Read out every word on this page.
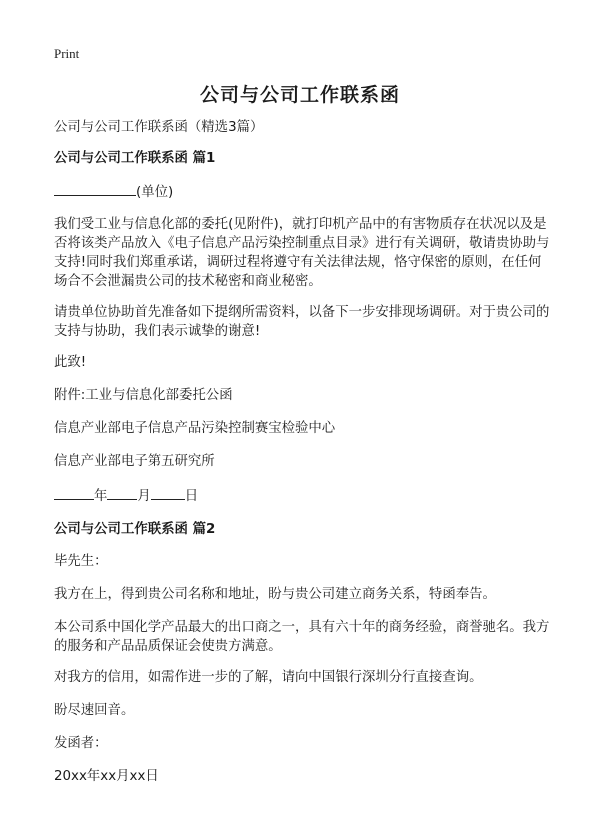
Print
公司与公司工作联系函

公司与公司工作联系函（精选3篇）

公司与公司工作联系函 篇1

(单位)

我们受工业与信息化部的委托(见附件)，就打印机产品中的有害物质存在状况以及是否将该类产品放入《电子信息产品污染控制重点目录》进行有关调研，敬请贵协助与支持!同时我们郑重承诺，调研过程将遵守有关法律法规，恪守保密的原则，在任何场合不会泄漏贵公司的技术秘密和商业秘密。

请贵单位协助首先准备如下提纲所需资料，以备下一步安排现场调研。对于贵公司的支持与协助，我们表示诚挚的谢意!

此致!

附件:工业与信息化部委托公函

信息产业部电子信息产品污染控制赛宝检验中心

信息产业部电子第五研究所

年 月	日

公司与公司工作联系函 篇2

毕先生：

我方在上，得到贵公司名称和地址，盼与贵公司建立商务关系，特函奉告。

本公司系中国化学产品最大的出口商之一，具有六十年的商务经验，商誉驰名。我方的服务和产品品质保证会使贵方满意。

对我方的信用，如需作进一步的了解，请向中国银行深圳分行直接查询。

盼尽速回音。

发函者：

20xx年xx月xx日
